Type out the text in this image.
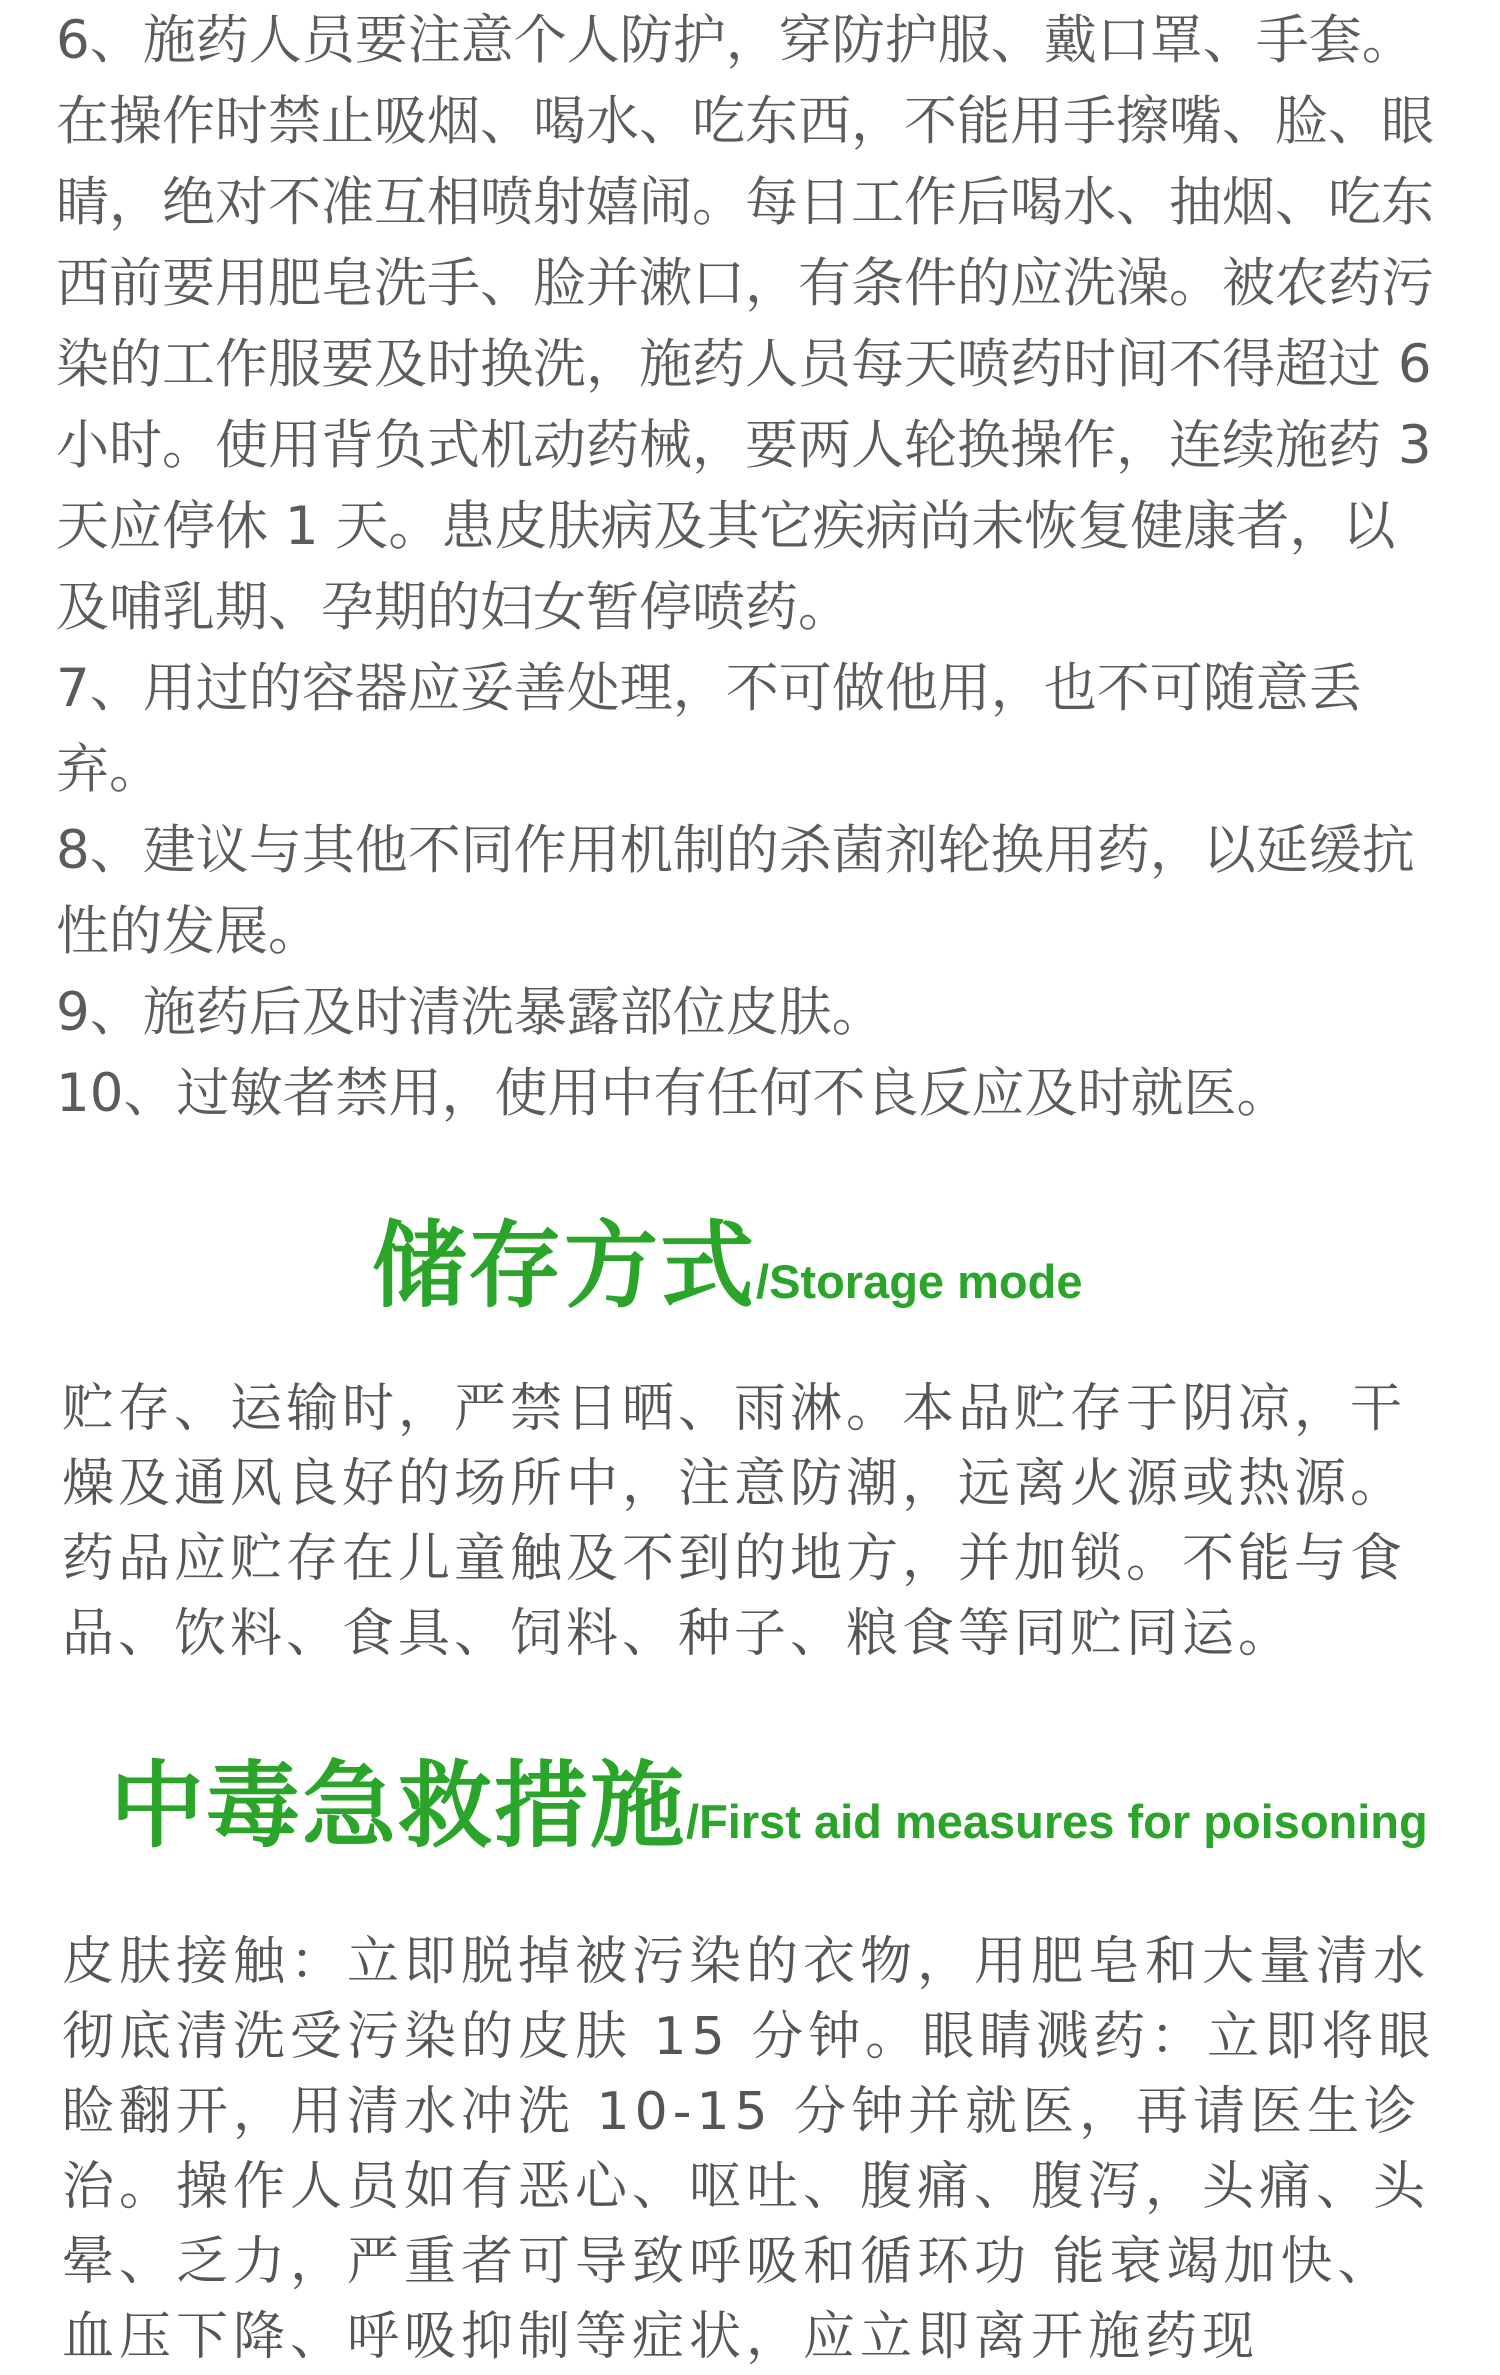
6、施药人员要注意个人防护，穿防护服、戴口罩、手套。在操作时禁止吸烟、喝水、吃东西，不能用手擦嘴、脸、眼睛，绝对不准互相喷射嬉闹。每日工作后喝水、抽烟、吃东西前要用肥皂洗手、脸并漱口，有条件的应洗澡。被农药污染的工作服要及时换洗，施药人员每天喷药时间不得超过 6 小时。使用背负式机动药械，要两人轮换操作，连续施药 3 天应停休 1 天。患皮肤病及其它疾病尚未恢复健康者，以及哺乳期、孕期的妇女暂停喷药。

7、用过的容器应妥善处理，不可做他用，也不可随意丢弃。

8、建议与其他不同作用机制的杀菌剂轮换用药，以延缓抗性的发展。

9、施药后及时清洗暴露部位皮肤。

10、过敏者禁用，使用中有任何不良反应及时就医。

储存方式/Storage mode

贮存、运输时，严禁日晒、雨淋。本品贮存于阴凉，干燥及通风良好的场所中，注意防潮，远离火源或热源。药品应贮存在儿童触及不到的地方，并加锁。不能与食品、饮料、食具、饲料、种子、粮食等同贮同运。

中毒急救措施/First aid measures for poisoning

皮肤接触：立即脱掉被污染的衣物，用肥皂和大量清水彻底清洗受污染的皮肤 15 分钟。眼睛溅药：立即将眼睑翻开，用清水冲洗 10-15 分钟并就医，再请医生诊治。操作人员如有恶心、呕吐、腹痛、腹泻，头痛、头晕、乏力，严重者可导致呼吸和循环功 能衰竭加快、血压下降、呼吸抑制等症状，应立即离开施药现
